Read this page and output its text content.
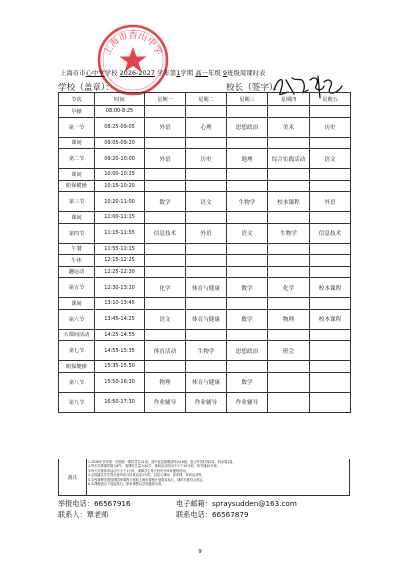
上海市香山中学
上海市市心中学学校 2026-2027 学年第1学期 高一年级 9班级周课时表
学校（盖章）：	校长（签字）：
节次	时间	星期一	星期二	星期三	星期四	星期五
早操	08:00-8:25					
第一节	08:25-09:05	外语	心理	思想政治	美术	历史
课间	09:05-09:20					
第二节	09:20-10:00	外语	历史	地理	综合实践活动	语文
课间	10:00-10:15					
眼保健操	10:15-10:20					
第三节	10:20-11:00	数学	语文	生物学	校本课程	外语
课间	11:00-11:15					
第四节	11:15-11:55	信息技术	外语	语文	生物学	信息技术
午餐	11:55-12:15					
午休	12:15-12:25					
趣运动	12:25-12:30					
第五节	12:30-13:10	化学	体育与健康	数学	化学	校本课程
课间	13:10-13:45					
第六节	13:45-14:25	语文	体育与健康	数学	物理	校本课程
大课间活动	14:25-14:55					
第七节	14:55-15:35	体育活动	生物学	思想政治	班会	
眼保健操	15:35-15:50					
第八节	15:50-16:30	物理	体育与健康	数学		
第九节	16:50-17:30	作业辅导	作业辅导	作业辅导		
备注
1.2026年学年第一学期高一课时共计21周，其中包括寒假前时间16周，复习考试时间2周，机动周1周。
2.每天安排课时数为8节，周课时总量为34节；课间活动时间不少于10分钟，每节课40分钟。
3.每天安排体育活动不少于1小时，保障学生每天校内外体育锻炼时间。
4.全面落实学生每天校内综合体育活动1小时，包括大课间、体育课、体育活动等。
5.学校课程安排按照国家课程方案和上海市课程计划要求执行，课时安排符合规定。
6.本课程表自下周起执行，如有调整以学校通知为准。
举报电话：66567916	电子邮箱：spraysudden@163.com
联系人：覃老师	联系电话：66567879
9
